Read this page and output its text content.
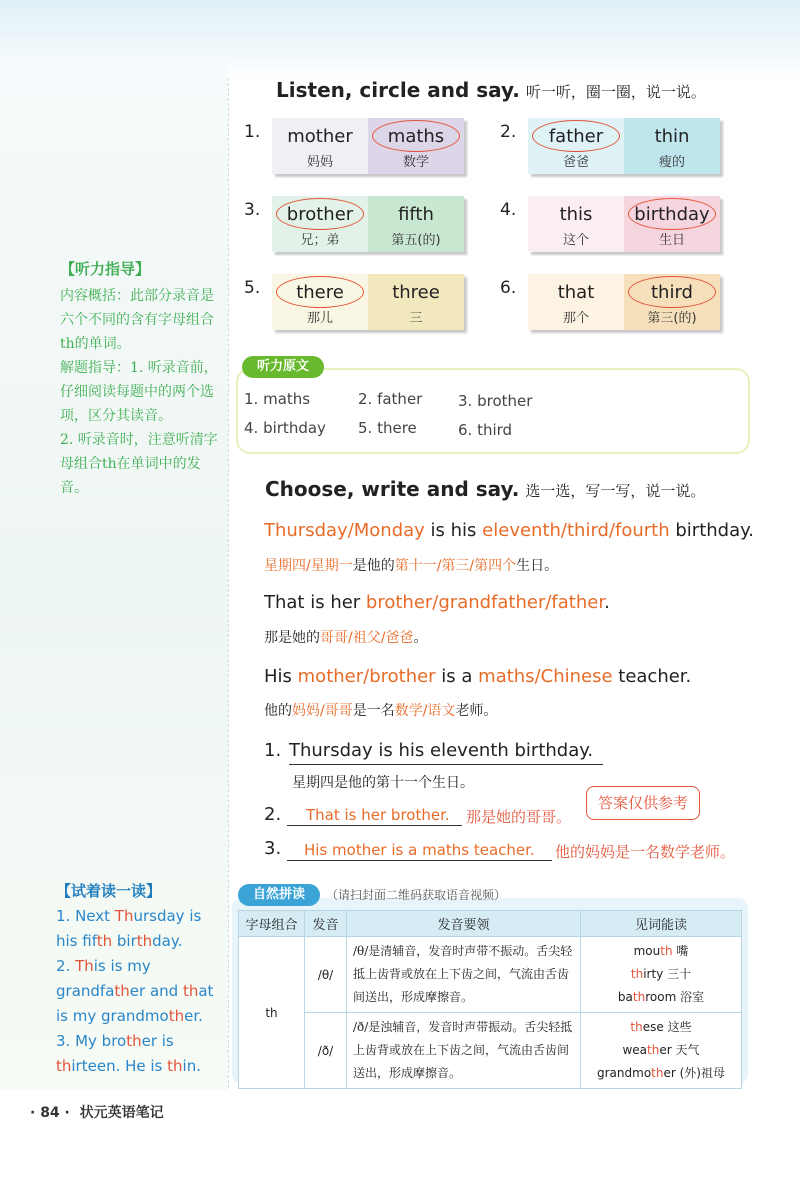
【听力指导】
内容概括：此部分录音是六个不同的含有字母组合th的单词。
解题指导：1. 听录音前，仔细阅读每题中的两个选项，区分其读音。
2. 听录音时，注意听清字母组合th在单词中的发音。
【试着读一读】
1. Next Thursday is
his fifth birthday.
2. This is my
grandfather and that
is my grandmother.
3. My brother is
thirteen. He is thin.
Listen, circle and say. 听一听，圈一圈，说一说。
1.	mother
妈妈
maths
数学
2.	father
爸爸
thin
瘦的
3.	brother
兄；弟
fifth
第五(的)
4.	this
这个
birthday
生日
5.	there
那儿
three
三
6.	that
那个
third
第三(的)
听力原文
1. maths	2. father 3. brother
4. birthday 5. there	6. third
Choose, write and say. 选一选，写一写，说一说。
Thursday/Monday is his eleventh/third/fourth birthday.
星期四/星期一是他的第十一/第三/第四个生日。
That is her brother/grandfather/father.
那是她的哥哥/祖父/爸爸。
His mother/brother is a maths/Chinese teacher.
他的妈妈/哥哥是一名数学/语文老师。
1. Thursday is his eleventh birthday.
星期四是他的第十一个生日。
2. That is her brother. 那是她的哥哥。
答案仅供参考
3. His mother is a maths teacher. 他的妈妈是一名数学老师。
自然拼读	（请扫封面二维码获取语音视频）
字母组合	发音	发音要领	见词能读
th	/θ/	/θ/是清辅音，发音时声带不振动。舌尖轻抵上齿背或放在上下齿之间，气流由舌齿间送出，形成摩擦音。	mouth 嘴
thirty 三十
bathroom 浴室

	/ð/	/ð/是浊辅音，发音时声带振动。舌尖轻抵上齿背或放在上下齿之间，气流由舌齿间送出，形成摩擦音。	these 这些
weather 天气
grandmother (外)祖母
· 84 · 状元英语笔记
